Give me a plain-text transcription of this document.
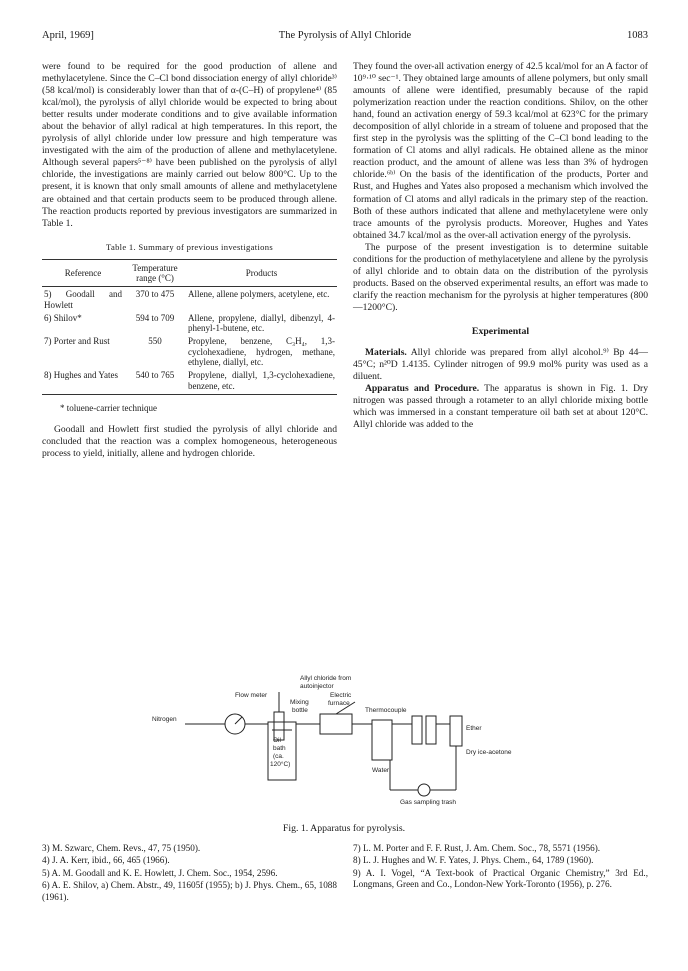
April, 1969]	The Pyrolysis of Allyl Chloride	1083

were found to be required for the good production of allene and methylacetylene. Since the C–Cl bond dissociation energy of allyl chloride³⁾ (58 kcal/mol) is considerably lower than that of α-(C–H) of propylene⁴⁾ (85 kcal/mol), the pyrolysis of allyl chloride would be expected to bring about better results under moderate conditions and to give available information about the behavior of allyl radical at high temperatures. In this report, the pyrolysis of allyl chloride under low pressure and high temperature was investigated with the aim of the production of allene and methylacetylene. Although several papers⁵⁻⁸⁾ have been published on the pyrolysis of allyl chloride, the investigations are mainly carried out below 800°C. Up to the present, it is known that only small amounts of allene and methylacetylene are obtained and that certain products seem to be produced through allene. The reaction products reported by previous investigators are summarized in Table 1.

Table 1. Summary of previous investigations
Reference	Temperature range (°C)	Products
5) Goodall and Howlett	370 to 475	Allene, allene polymers, acetylene, etc.
6) Shilov*	594 to 709	Allene, propylene, diallyl, dibenzyl, 4-phenyl-1-butene, etc.
7) Porter and Rust	550	Propylene, benzene, C₃H₄, 1,3-cyclohexadiene, hydrogen, methane, ethylene, diallyl, etc.
8) Hughes and Yates	540 to 765	Propylene, diallyl, 1,3-cyclohexadiene, benzene, etc.
* toluene-carrier technique

Goodall and Howlett first studied the pyrolysis of allyl chloride and concluded that the reaction was a complex homogeneous, heterogeneous process to yield, initially, allene and hydrogen chloride.

They found the over-all activation energy of 42.5 kcal/mol for an A factor of 10⁹·¹⁰ sec⁻¹. They obtained large amounts of allene polymers, but only small amounts of allene were identified, presumably because of the rapid polymerization reaction under the reaction conditions. Shilov, on the other hand, found an activation energy of 59.3 kcal/mol at 623°C for the primary decomposition of allyl chloride in a stream of toluene and proposed that the first step in the pyrolysis was the splitting of the C–Cl bond leading to the formation of Cl atoms and allyl radicals. He obtained allene as the minor reaction product, and the amount of allene was less than 3% of hydrogen chloride.⁶ᵇ⁾ On the basis of the identification of the products, Porter and Rust, and Hughes and Yates also proposed a mechanism which involved the formation of Cl atoms and allyl radicals in the primary step of the reaction. Both of these authors indicated that allene and methylacetylene were only trace amounts of the pyrolysis products. Moreover, Hughes and Yates obtained 34.7 kcal/mol as the over-all activation energy of the pyrolysis.

The purpose of the present investigation is to determine suitable conditions for the production of methylacetylene and allene by the pyrolysis of allyl chloride and to obtain data on the distribution of the pyrolysis products. Based on the observed experimental results, an effort was made to clarify the reaction mechanism for the pyrolysis at higher temperatures (800—1200°C).

Experimental

Materials. Allyl chloride was prepared from allyl alcohol.⁹⁾ Bp 44—45°C; n²⁰D 1.4135. Cylinder nitrogen of 99.9 mol% purity was used as a diluent.

Apparatus and Procedure. The apparatus is shown in Fig. 1. Dry nitrogen was passed through a rotameter to an allyl chloride mixing bottle which was immersed in a constant temperature oil bath set at about 120°C. Allyl chloride was added to the

Allyl chloride from
autoinjector
Flow meter	Electric
furnace
Mixing
bottle
Nitrogen
Thermocouple
Oil
bath
(ca.
120°C)
Ether
Dry ice-acetone
Water
Gas sampling trash
Fig. 1. Apparatus for pyrolysis.
3) M. Szwarc, Chem. Revs., 47, 75 (1950).
4) J. A. Kerr, ibid., 66, 465 (1966).
5) A. M. Goodall and K. E. Howlett, J. Chem. Soc., 1954, 2596.
6) A. E. Shilov, a) Chem. Abstr., 49, 11605f (1955); b) J. Phys. Chem., 65, 1088 (1961).
7) L. M. Porter and F. F. Rust, J. Am. Chem. Soc., 78, 5571 (1956).
8) L. J. Hughes and W. F. Yates, J. Phys. Chem., 64, 1789 (1960).
9) A. I. Vogel, “A Text-book of Practical Organic Chemistry,” 3rd Ed., Longmans, Green and Co., London-New York-Toronto (1956), p. 276.
